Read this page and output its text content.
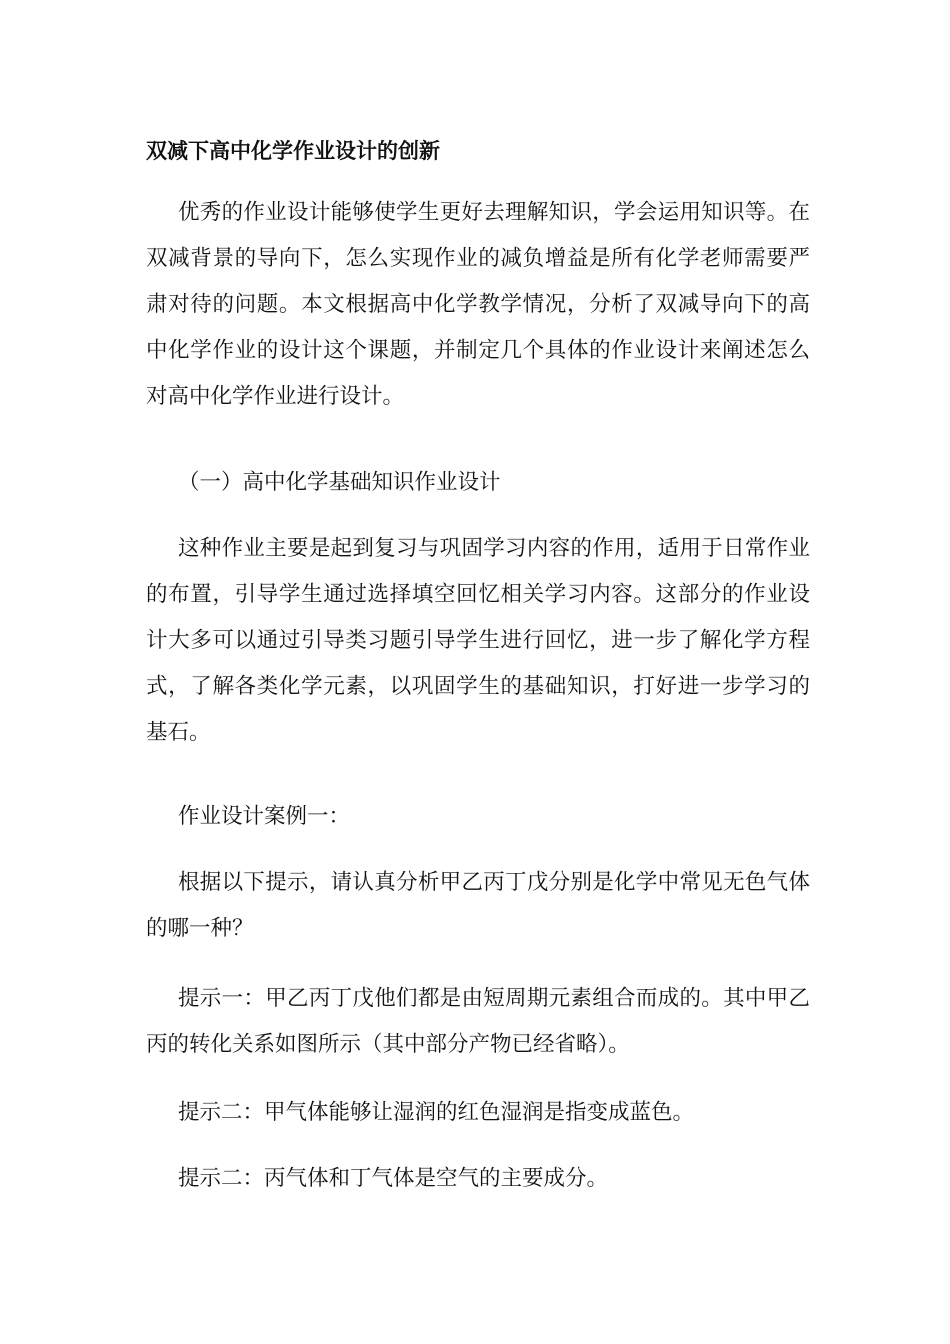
双减下高中化学作业设计的创新

优秀的作业设计能够使学生更好去理解知识，学会运用知识等。在双减背景的导向下，怎么实现作业的减负增益是所有化学老师需要严肃对待的问题。本文根据高中化学教学情况，分析了双减导向下的高中化学作业的设计这个课题，并制定几个具体的作业设计来阐述怎么对高中化学作业进行设计。

（一）高中化学基础知识作业设计

这种作业主要是起到复习与巩固学习内容的作用，适用于日常作业的布置，引导学生通过选择填空回忆相关学习内容。这部分的作业设计大多可以通过引导类习题引导学生进行回忆，进一步了解化学方程式，了解各类化学元素，以巩固学生的基础知识，打好进一步学习的基石。

作业设计案例一：

根据以下提示，请认真分析甲乙丙丁戊分别是化学中常见无色气体的哪一种？

提示一：甲乙丙丁戊他们都是由短周期元素组合而成的。其中甲乙丙的转化关系如图所示（其中部分产物已经省略）。

提示二：甲气体能够让湿润的红色湿润是指变成蓝色。

提示二：丙气体和丁气体是空气的主要成分。
